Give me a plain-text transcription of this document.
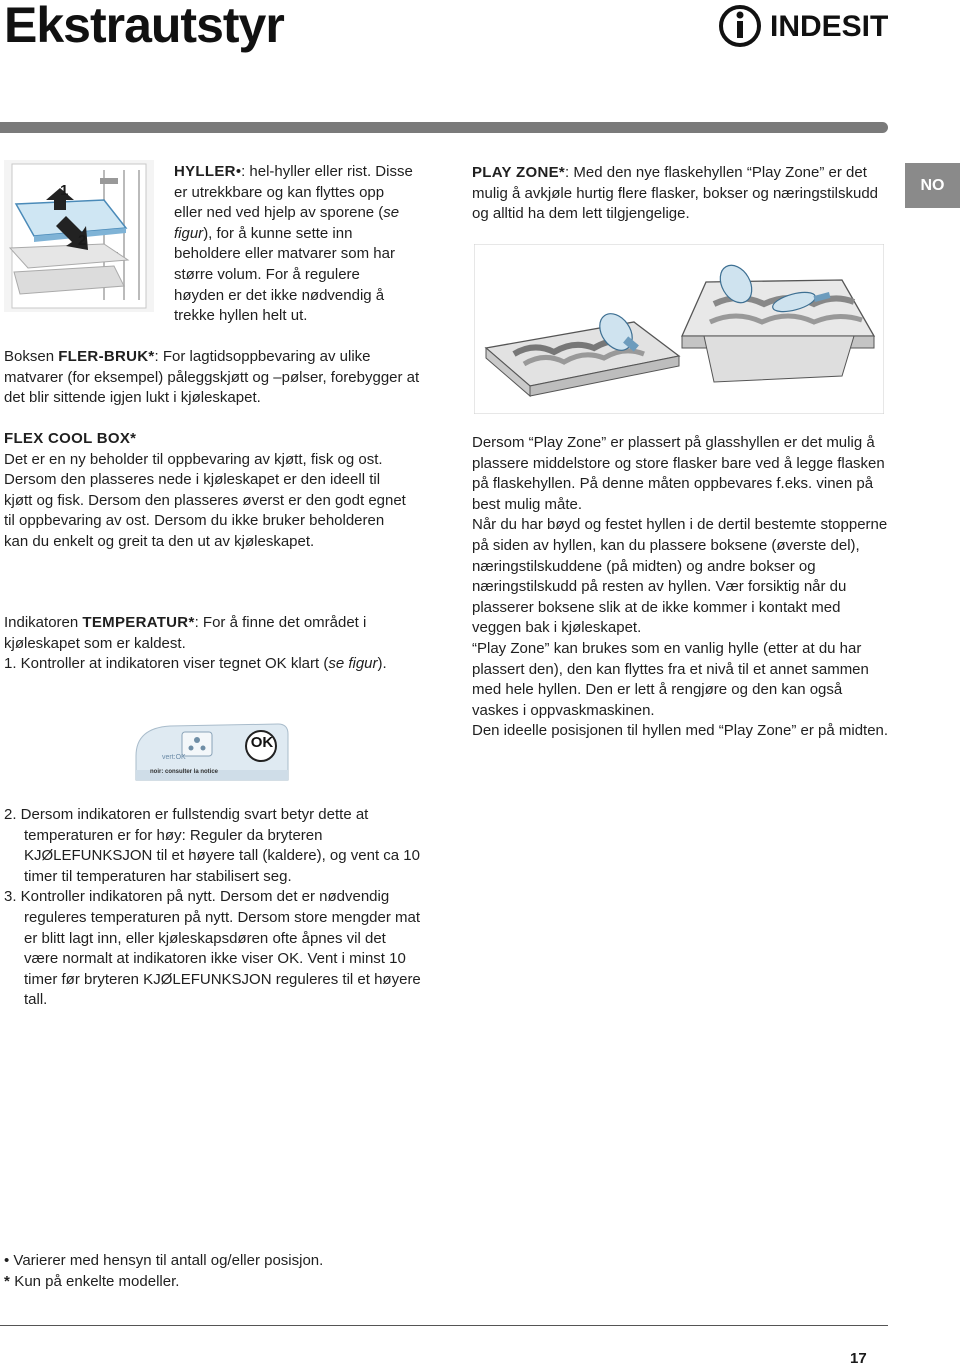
Ekstrautstyr	INDESIT
NO
1
2
HYLLER•: hel-hyller eller rist. Disse er utrekkbare og kan flyttes opp eller ned ved hjelp av sporene (se figur), for å kunne sette inn beholdere eller matvarer som har større volum. For å regulere høyden er det ikke nødvendig å trekke hyllen helt ut.
Boksen FLER-BRUK*: For lagtidsoppbevaring av ulike matvarer (for eksempel) påleggskjøtt og –pølser, forebygger at det blir sittende igjen lukt i kjøleskapet.

FLEX COOL BOX*

Det er en ny beholder til oppbevaring av kjøtt, fisk og ost. Dersom den plasseres nede i kjøleskapet er den ideell til kjøtt og fisk. Dersom den plasseres øverst er den godt egnet til oppbevaring av ost. Dersom du ikke bruker beholderen kan du enkelt og greit ta den ut av kjøleskapet.

Indikatoren TEMPERATUR*: For å finne det området i kjøleskapet som er kaldest.

1. Kontroller at indikatoren viser tegnet OK klart (se figur).

OK
vert:OK
noir: consulter la notice

2. Dersom indikatoren er fullstendig svart betyr dette at temperaturen er for høy: Reguler da bryteren KJØLEFUNKSJON til et høyere tall (kaldere), og vent ca 10 timer til temperaturen har stabilisert seg.

3. Kontroller indikatoren på nytt. Dersom det er nødvendig reguleres temperaturen på nytt. Dersom store mengder mat er blitt lagt inn, eller kjøleskapsdøren ofte åpnes vil det være normalt at indikatoren ikke viser OK. Vent i minst 10 timer før bryteren KJØLEFUNKSJON reguleres til et høyere tall.

PLAY ZONE*: Med den nye flaskehyllen “Play Zone” er det mulig å avkjøle hurtig flere flasker, bokser og næringstilskudd og alltid ha dem lett tilgjengelige.

Dersom “Play Zone” er plassert på glasshyllen er det mulig å plassere middelstore og store flasker bare ved å legge flasken på flaskehyllen. På denne måten oppbevares f.eks. vinen på best mulig måte.

Når du har bøyd og festet hyllen i de dertil bestemte stopperne på siden av hyllen, kan du plassere boksene (øverste del), næringstilskuddene (på midten) og andre bokser og næringstilskudd på resten av hyllen. Vær forsiktig når du plasserer boksene slik at de ikke kommer i kontakt med veggen bak i kjøleskapet.

“Play Zone” kan brukes som en vanlig hylle (etter at du har plassert den), den kan flyttes fra et nivå til et annet sammen med hele hyllen. Den er lett å rengjøre og den kan også vaskes i oppvaskmaskinen.

Den ideelle posisjonen til hyllen med “Play Zone” er på midten.

• Varierer med hensyn til antall og/eller posisjon.

* Kun på enkelte modeller.

17
